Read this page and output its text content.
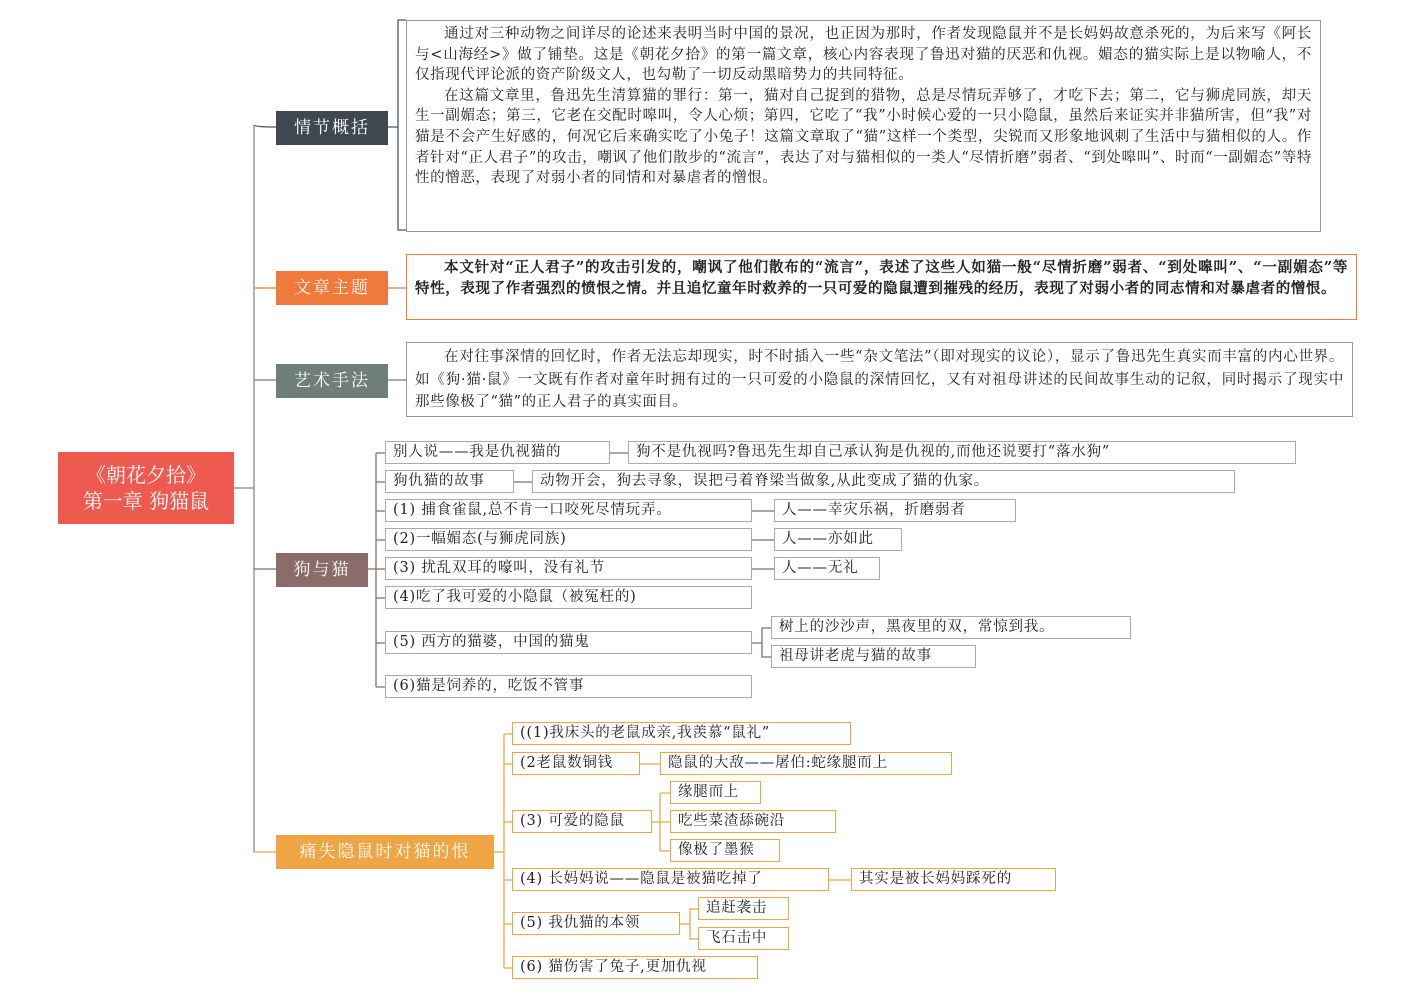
《朝花夕拾》
第一章 狗猫鼠
情节概括

通过对三种动物之间详尽的论述来表明当时中国的景况，也正因为那时，作者发现隐鼠并不是长妈妈故意杀死的，为后来写《阿长与<山海经>》做了铺垫。这是《朝花夕拾》的第一篇文章，核心内容表现了鲁迅对猫的厌恶和仇视。媚态的猫实际上是以物喻人，不仅指现代评论派的资产阶级文人，也勾勒了一切反动黑暗势力的共同特征。

在这篇文章里，鲁迅先生清算猫的罪行：第一，猫对自己捉到的猎物，总是尽情玩弄够了，才吃下去；第二，它与狮虎同族，却天生一副媚态；第三，它老在交配时嗥叫，令人心烦；第四，它吃了“我”小时候心爱的一只小隐鼠，虽然后来证实并非猫所害，但“我”对猫是不会产生好感的，何况它后来确实吃了小兔子！这篇文章取了“猫”这样一个类型，尖锐而又形象地讽刺了生活中与猫相似的人。作者针对“正人君子”的攻击，嘲讽了他们散步的“流言”，表达了对与猫相似的一类人“尽情折磨”弱者、“到处嗥叫”、时而“一副媚态”等特性的憎恶，表现了对弱小者的同情和对暴虐者的憎恨。

文章主题

本文针对“正人君子”的攻击引发的，嘲讽了他们散布的“流言”，表述了这些人如猫一般“尽情折磨”弱者、“到处嗥叫”、“一副媚态”等特性，表现了作者强烈的愤恨之情。并且追忆童年时救养的一只可爱的隐鼠遭到摧残的经历，表现了对弱小者的同志情和对暴虐者的憎恨。

艺术手法

在对往事深情的回忆时，作者无法忘却现实，时不时插入一些“杂文笔法”（即对现实的议论），显示了鲁迅先生真实而丰富的内心世界。如《狗·猫·鼠》一文既有作者对童年时拥有过的一只可爱的小隐鼠的深情回忆，又有对祖母讲述的民间故事生动的记叙，同时揭示了现实中那些像极了“猫”的正人君子的真实面目。

狗与猫
别人说——我是仇视猫的	狗不是仇视吗?鲁迅先生却自己承认狗是仇视的,而他还说要打“落水狗”
狗仇猫的故事	动物开会，狗去寻象，误把弓着脊梁当做象,从此变成了猫的仇家。
(1) 捕食雀鼠,总不肯一口咬死尽情玩弄。	人——幸灾乐祸，折磨弱者
(2)一幅媚态(与狮虎同族)	人——亦如此
(3) 扰乱双耳的嚎叫，没有礼节	人——无礼
(4)吃了我可爱的小隐鼠（被冤枉的)
(5) 西方的猫婆，中国的猫鬼
树上的沙沙声，黑夜里的双，常惊到我。
祖母讲老虎与猫的故事
(6)猫是饲养的，吃饭不管事
痛失隐鼠时对猫的恨
((1)我床头的老鼠成亲,我羡慕“鼠礼”
(2老鼠数铜钱	隐鼠的大敌——屠伯:蛇缘腿而上
(3) 可爱的隐鼠
缘腿而上
吃些菜渣舔碗沿
像极了墨猴
(4) 长妈妈说——隐鼠是被猫吃掉了	其实是被长妈妈踩死的
(5) 我仇猫的本领
追赶袭击
飞石击中
(6) 猫伤害了兔子,更加仇视
